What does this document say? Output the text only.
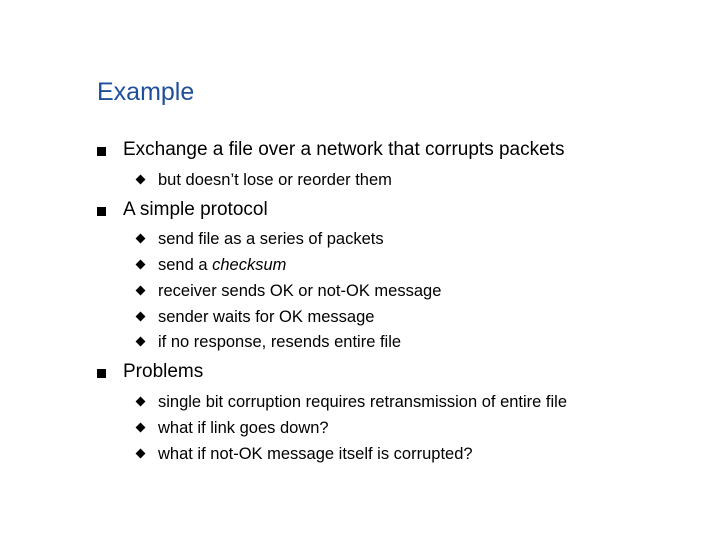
Example
Exchange a file over a network that corrupts packets
but doesn’t lose or reorder them
A simple protocol
send file as a series of packets
send a checksum
receiver sends OK or not-OK message
sender waits for OK message
if no response, resends entire file
Problems
single bit corruption requires retransmission of entire file
what if link goes down?
what if not-OK message itself is corrupted?
